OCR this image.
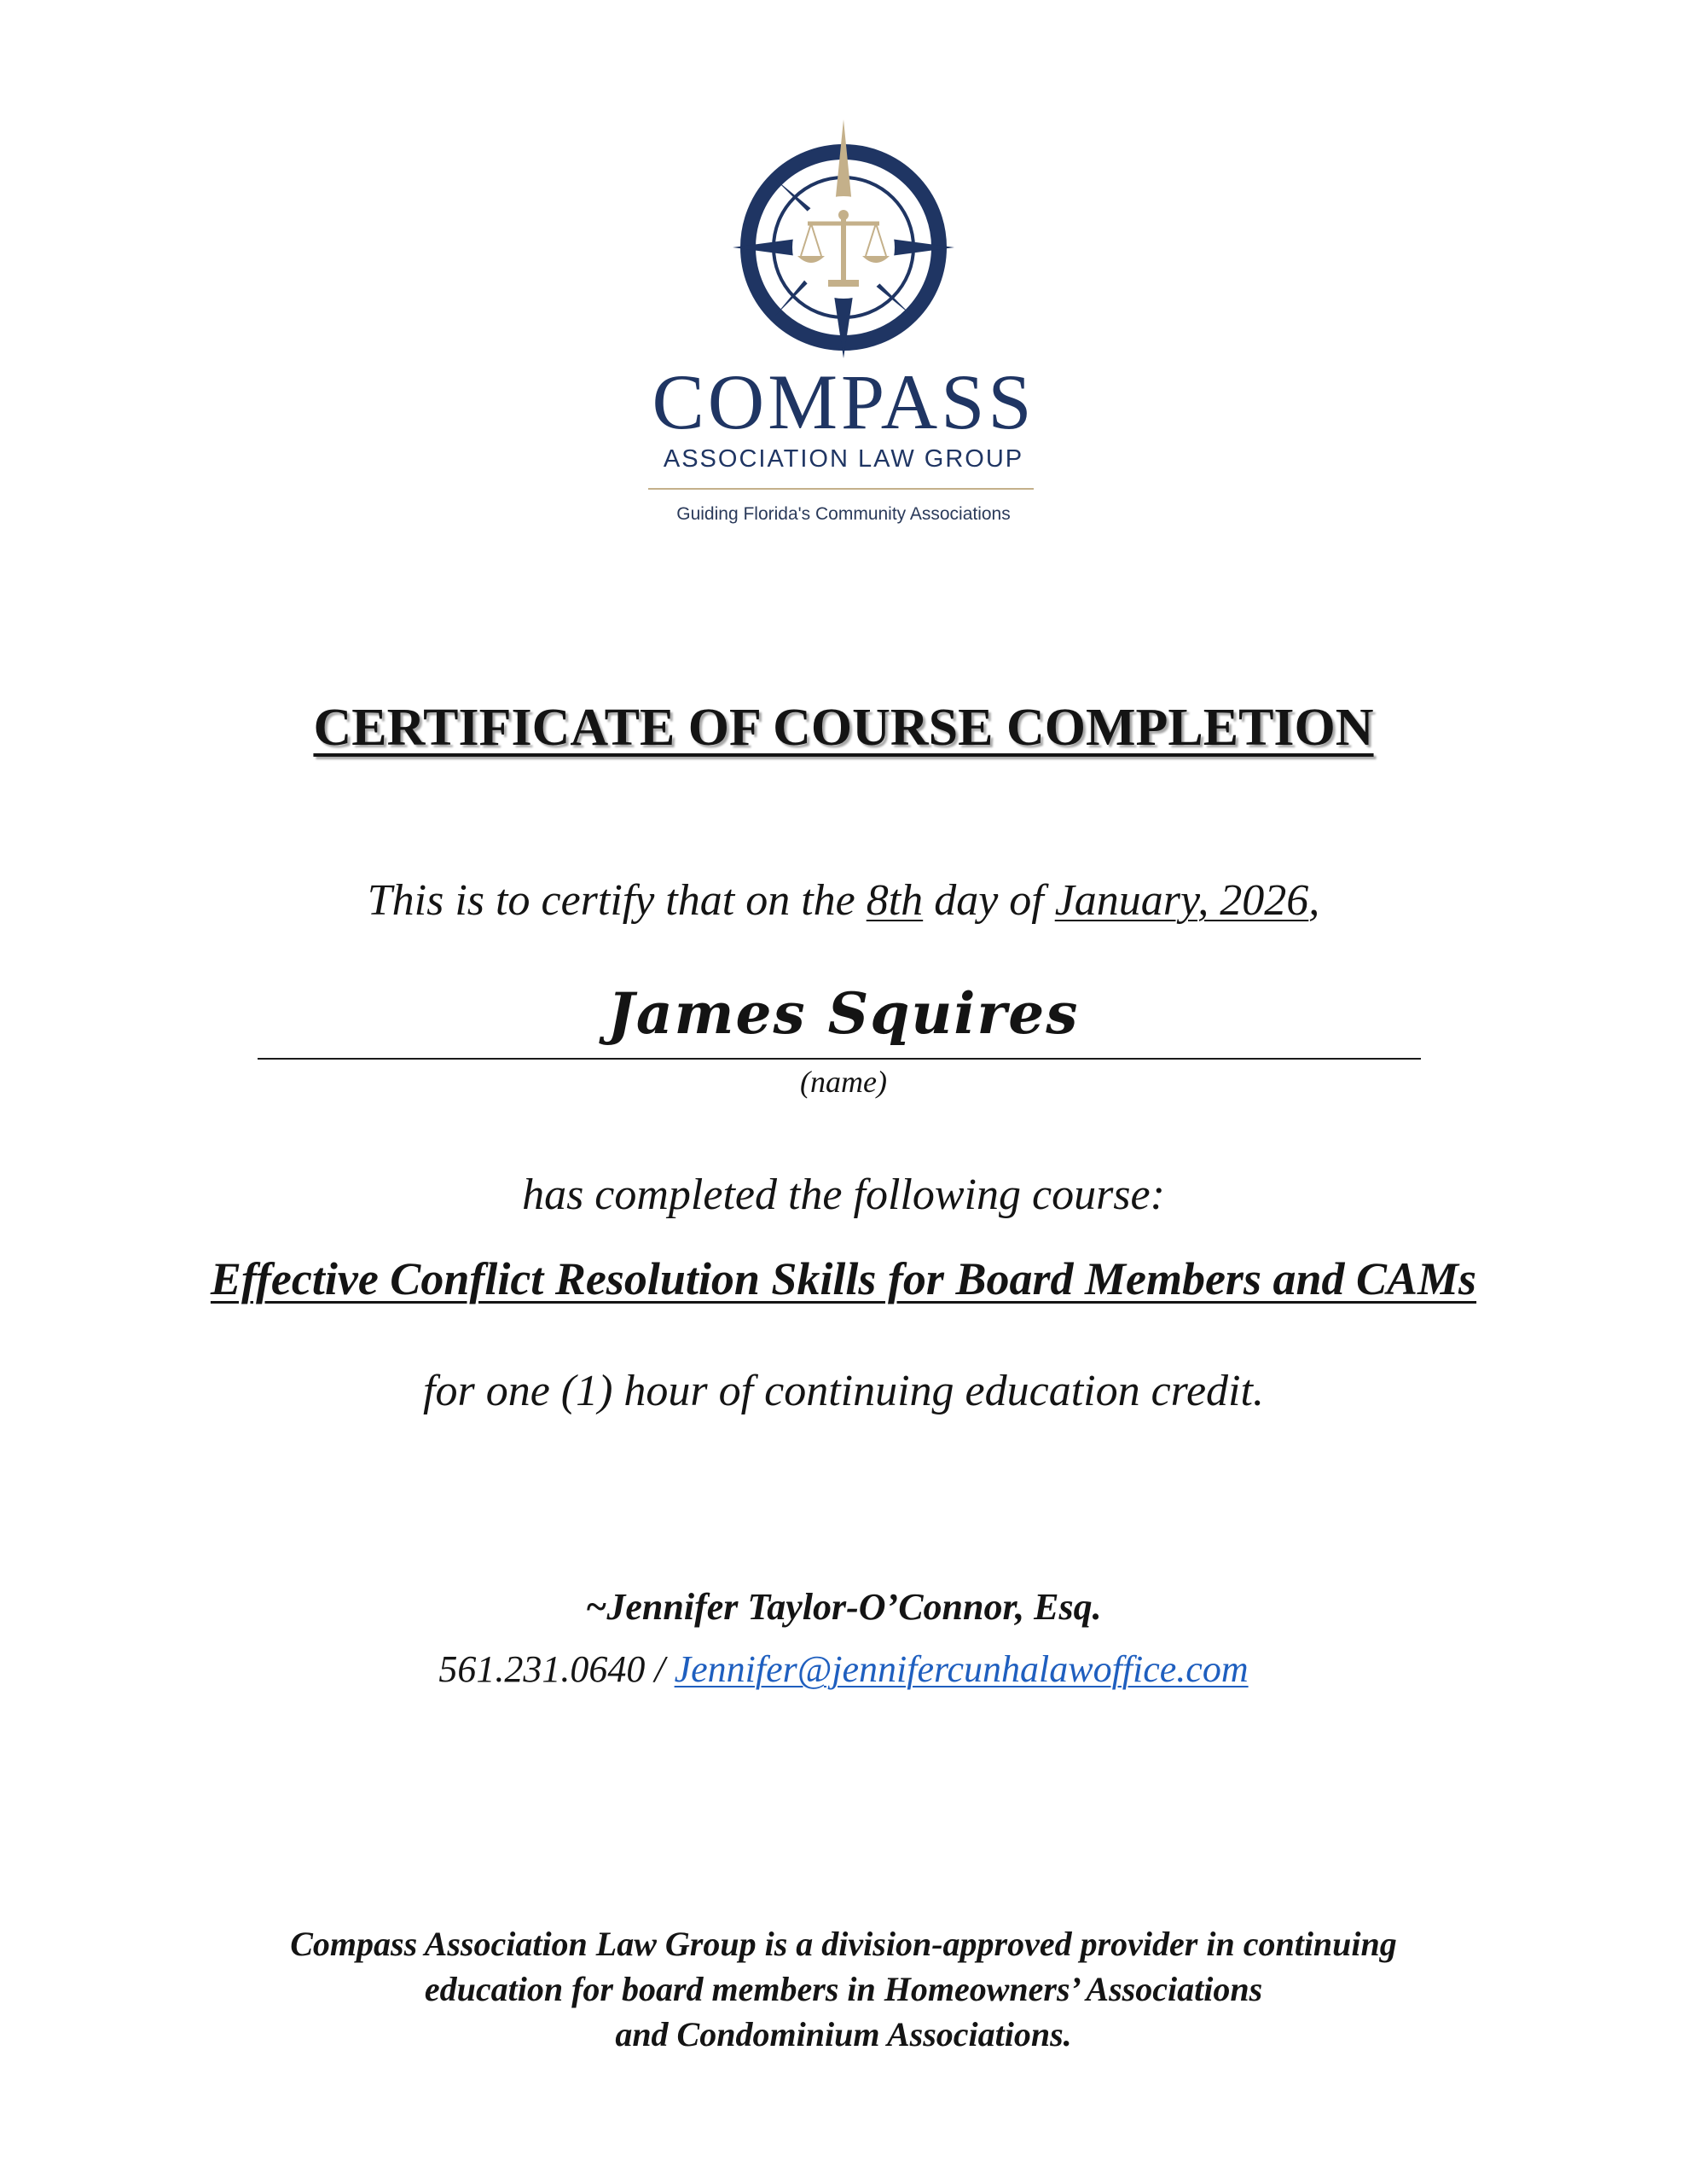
COMPASS
ASSOCIATION LAW GROUP
Guiding Florida's Community Associations
CERTIFICATE OF COURSE COMPLETION
This is to certify that on the 8th day of January, 2026,
James Squires
(name)
has completed the following course:
Effective Conflict Resolution Skills for Board Members and CAMs
for one (1) hour of continuing education credit.
~Jennifer Taylor-O’Connor, Esq.
561.231.0640 / Jennifer@jennifercunhalawoffice.com
Compass Association Law Group is a division-approved provider in continuing
education for board members in Homeowners’ Associations
and Condominium Associations.
